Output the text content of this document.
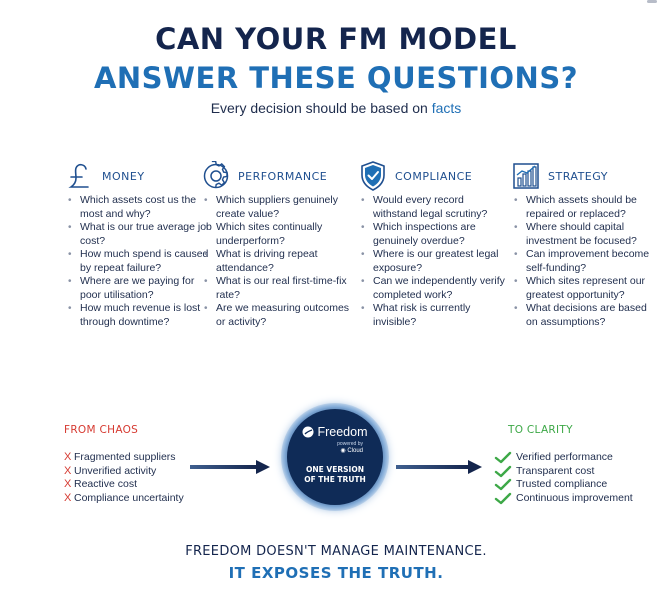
CAN YOUR FM MODEL
ANSWER THESE QUESTIONS?
Every decision should be based on facts
MONEY
• Which assets cost us the most and why?
• What is our true average job cost?
• How much spend is caused by repeat failure?
• Where are we paying for poor utilisation?
• How much revenue is lost through downtime?
PERFORMANCE
• Which suppliers genuinely create value?
• Which sites continually underperform?
• What is driving repeat attendance?
• What is our real first-time-fix rate?
• Are we measuring outcomes or activity?
COMPLIANCE
• Would every record withstand legal scrutiny?
• Which inspections are genuinely overdue?
• Where is our greatest legal exposure?
• Can we independently verify completed work?
• What risk is currently invisible?
STRATEGY
• Which assets should be repaired or replaced?
• Where should capital investment be focused?
• Can improvement become self-funding?
• Which sites represent our greatest opportunity?
• What decisions are based on assumptions?
FROM CHAOS
X Fragmented suppliers
X Unverified activity
X Reactive cost
X Compliance uncertainty
Freedom
powered by
◉ Cloud
ONE VERSION
OF THE TRUTH
TO CLARITY
Verified performance
Transparent cost
Trusted compliance
Continuous improvement
FREEDOM DOESN'T MANAGE MAINTENANCE.
IT EXPOSES THE TRUTH.
